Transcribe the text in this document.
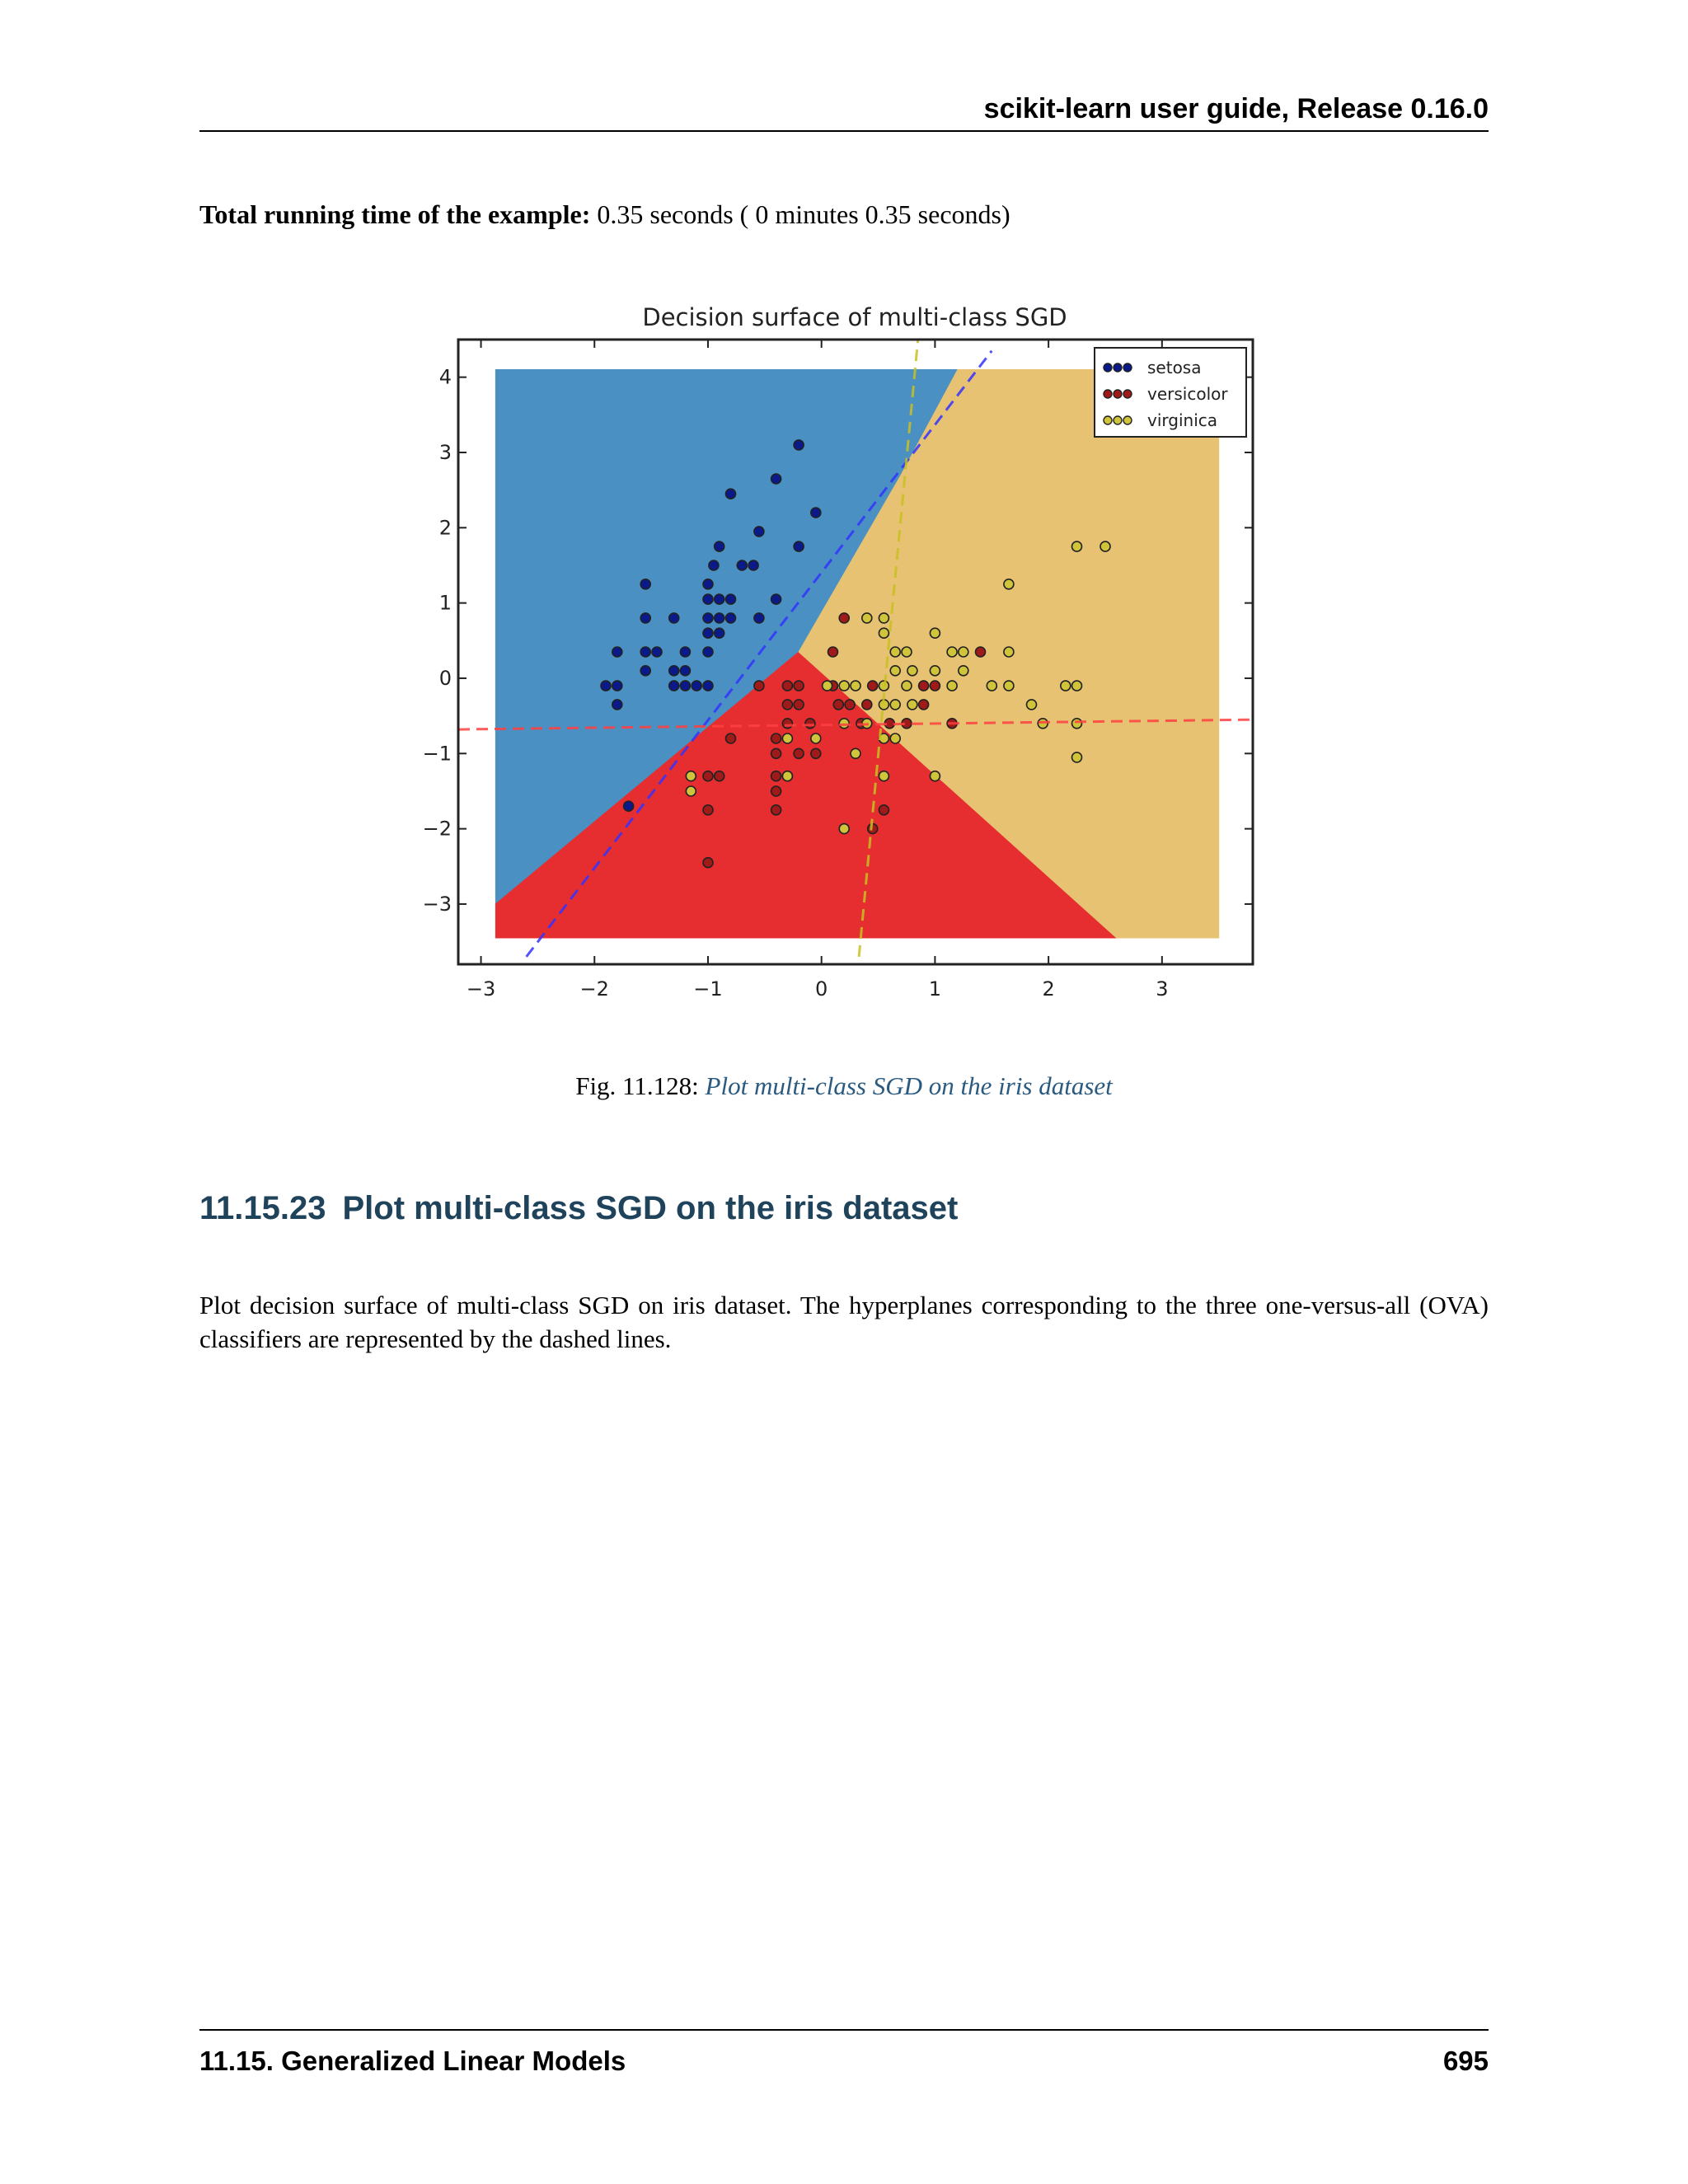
scikit-learn user guide, Release 0.16.0
Total running time of the example: 0.35 seconds ( 0 minutes 0.35 seconds)
Decision surface of multi-class SGD
−3	−2	−1	0	1	2	3
−3
−2
−1
0
1
2
3
4	setosa
versicolor
virginica
Fig. 11.128: Plot multi-class SGD on the iris dataset
11.15.23 Plot multi-class SGD on the iris dataset

Plot decision surface of multi-class SGD on iris dataset. The hyperplanes corresponding to the three one-versus-all (OVA) classifiers are represented by the dashed lines.

11.15. Generalized Linear Models	695
